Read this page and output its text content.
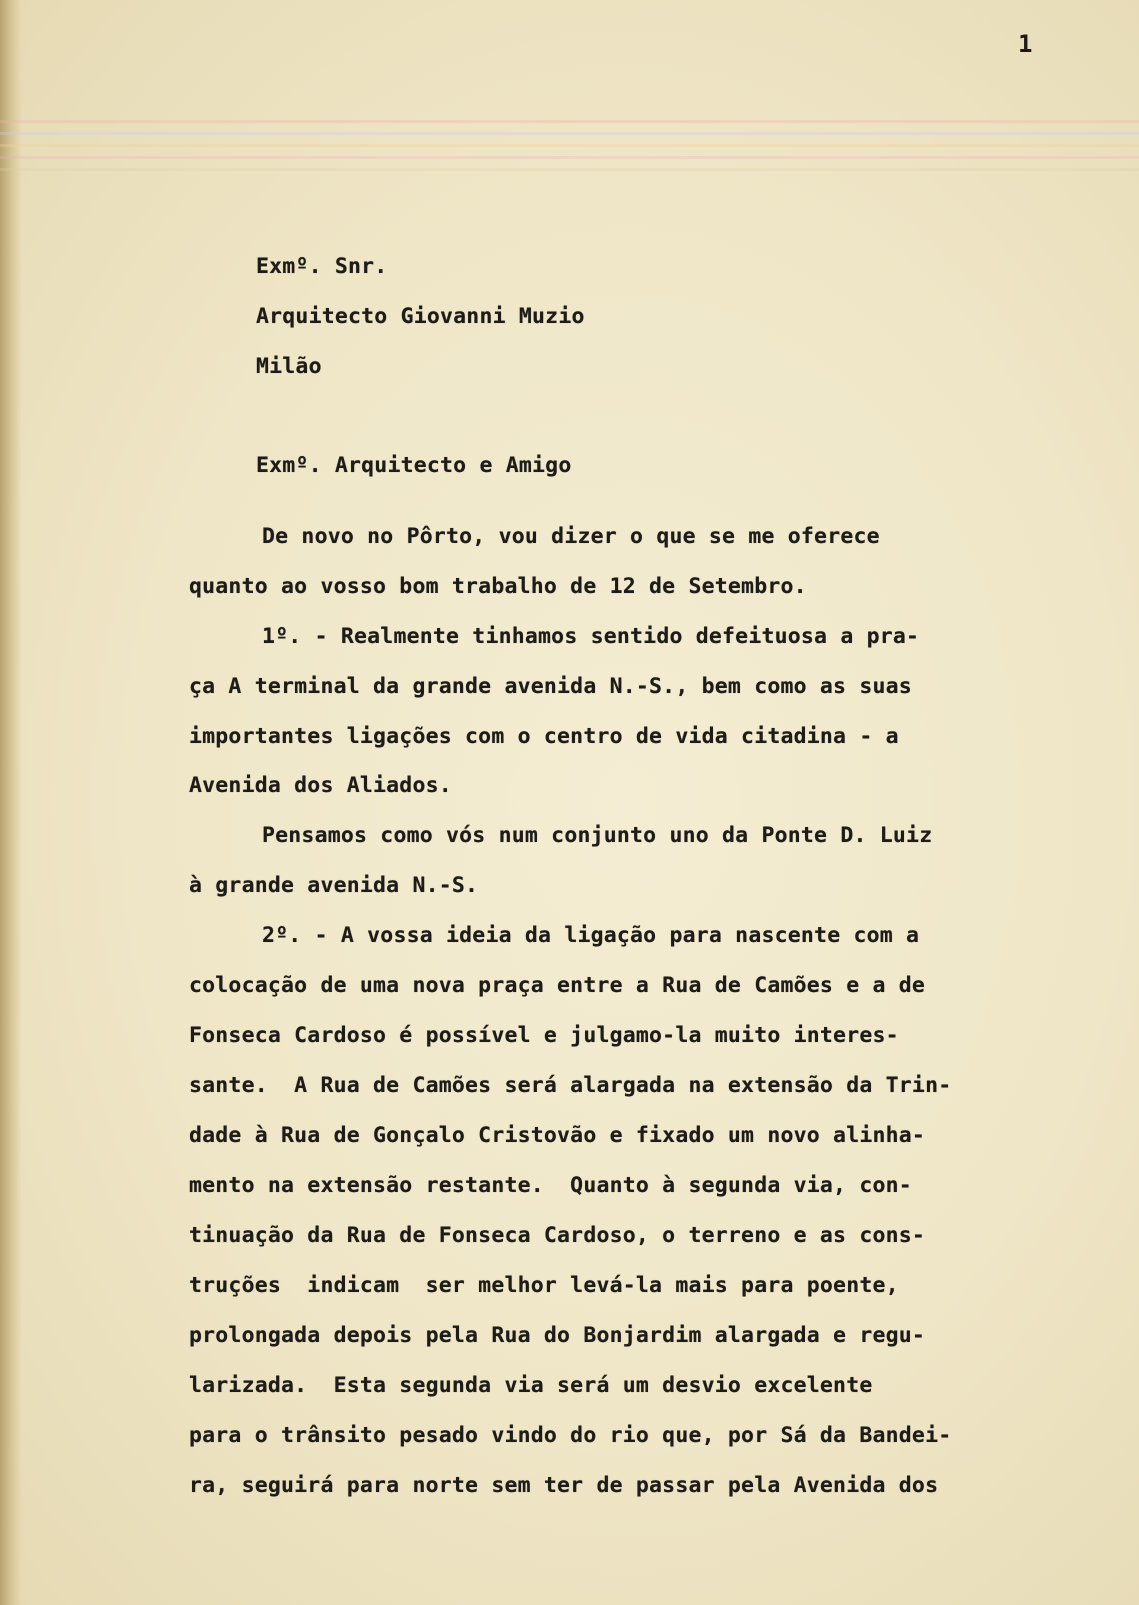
1
Exmº. Snr.
Arquitecto Giovanni Muzio
Milão
Exmº. Arquitecto e Amigo
De novo no Pôrto, vou dizer o que se me oferece
quanto ao vosso bom trabalho de 12 de Setembro.
1º. - Realmente tinhamos sentido defeituosa a pra-
ça A terminal da grande avenida N.-S., bem como as suas
importantes ligações com o centro de vida citadina - a
Avenida dos Aliados.
Pensamos como vós num conjunto uno da Ponte D. Luiz
à grande avenida N.-S.
2º. - A vossa ideia da ligação para nascente com a
colocação de uma nova praça entre a Rua de Camões e a de
Fonseca Cardoso é possível e julgamo-la muito interes-
sante.  A Rua de Camões será alargada na extensão da Trin-
dade à Rua de Gonçalo Cristovão e fixado um novo alinha-
mento na extensão restante.  Quanto à segunda via, con-
tinuação da Rua de Fonseca Cardoso, o terreno e as cons-
truções  indicam  ser melhor levá-la mais para poente,
prolongada depois pela Rua do Bonjardim alargada e regu-
larizada.  Esta segunda via será um desvio excelente
para o trânsito pesado vindo do rio que, por Sá da Bandei-
ra, seguirá para norte sem ter de passar pela Avenida dos
